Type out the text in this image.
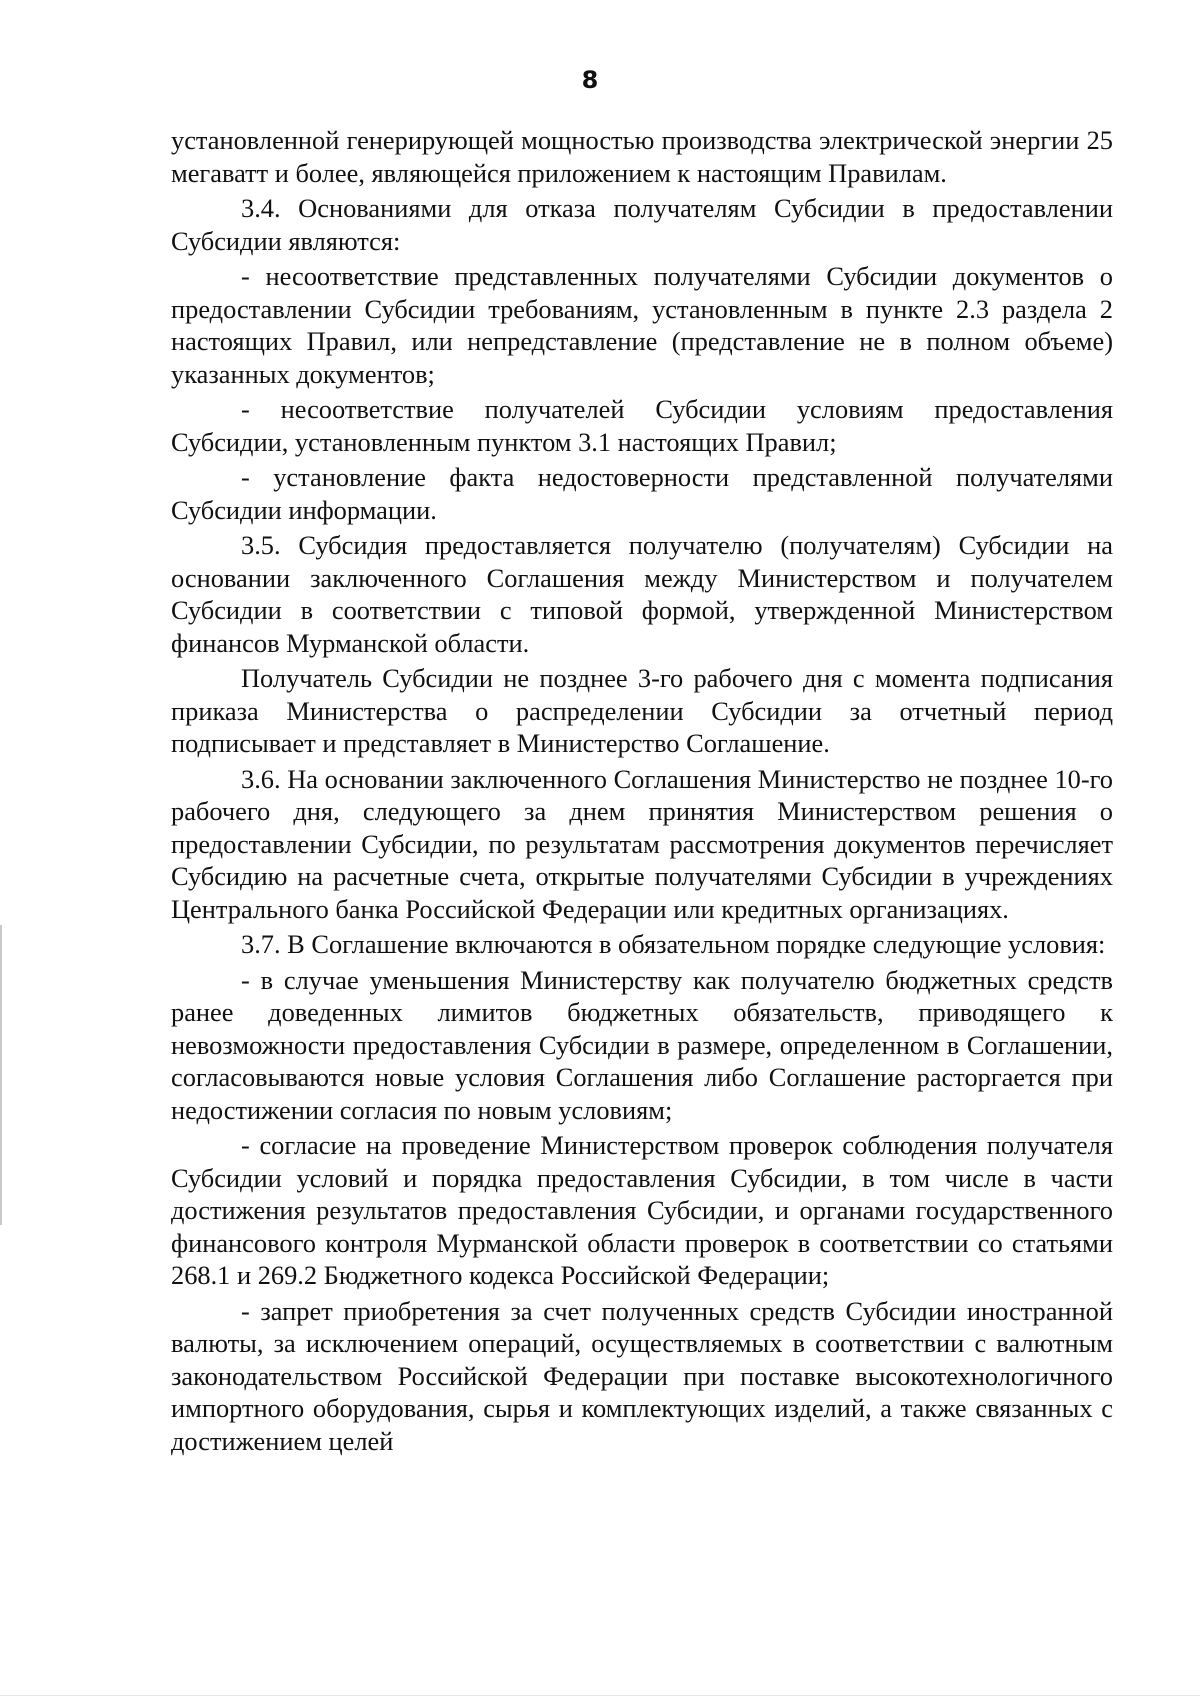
8

установленной генерирующей мощностью производства электрической энергии 25 мегаватт и более, являющейся приложением к настоящим Правилам.

3.4. Основаниями для отказа получателям Субсидии в предоставлении Субсидии являются:

- несоответствие представленных получателями Субсидии документов о предоставлении Субсидии требованиям, установленным в пункте 2.3 раздела 2 настоящих Правил, или непредставление (представление не в полном объеме) указанных документов;

- несоответствие получателей Субсидии условиям предоставления Субсидии, установленным пунктом 3.1 настоящих Правил;

- установление факта недостоверности представленной получателями Субсидии информации.

3.5. Субсидия предоставляется получателю (получателям) Субсидии на основании заключенного Соглашения между Министерством и получателем Субсидии в соответствии с типовой формой, утвержденной Министерством финансов Мурманской области.

Получатель Субсидии не позднее 3-го рабочего дня с момента подписания приказа Министерства о распределении Субсидии за отчетный период подписывает и представляет в Министерство Соглашение.

3.6. На основании заключенного Соглашения Министерство не позднее 10-го рабочего дня, следующего за днем принятия Министерством решения о предоставлении Субсидии, по результатам рассмотрения документов перечисляет Субсидию на расчетные счета, открытые получателями Субсидии в учреждениях Центрального банка Российской Федерации или кредитных организациях.

3.7. В Соглашение включаются в обязательном порядке следующие условия:

- в случае уменьшения Министерству как получателю бюджетных средств ранее доведенных лимитов бюджетных обязательств, приводящего к невозможности предоставления Субсидии в размере, определенном в Соглашении, согласовываются новые условия Соглашения либо Соглашение расторгается при недостижении согласия по новым условиям;

- согласие на проведение Министерством проверок соблюдения получателя Субсидии условий и порядка предоставления Субсидии, в том числе в части достижения результатов предоставления Субсидии, и органами государственного финансового контроля Мурманской области проверок в соответствии со статьями 268.1 и 269.2 Бюджетного кодекса Российской Федерации;

- запрет приобретения за счет полученных средств Субсидии иностранной валюты, за исключением операций, осуществляемых в соответствии с валютным законодательством Российской Федерации при поставке высокотехнологичного импортного оборудования, сырья и комплектующих изделий, а также связанных с достижением целей
